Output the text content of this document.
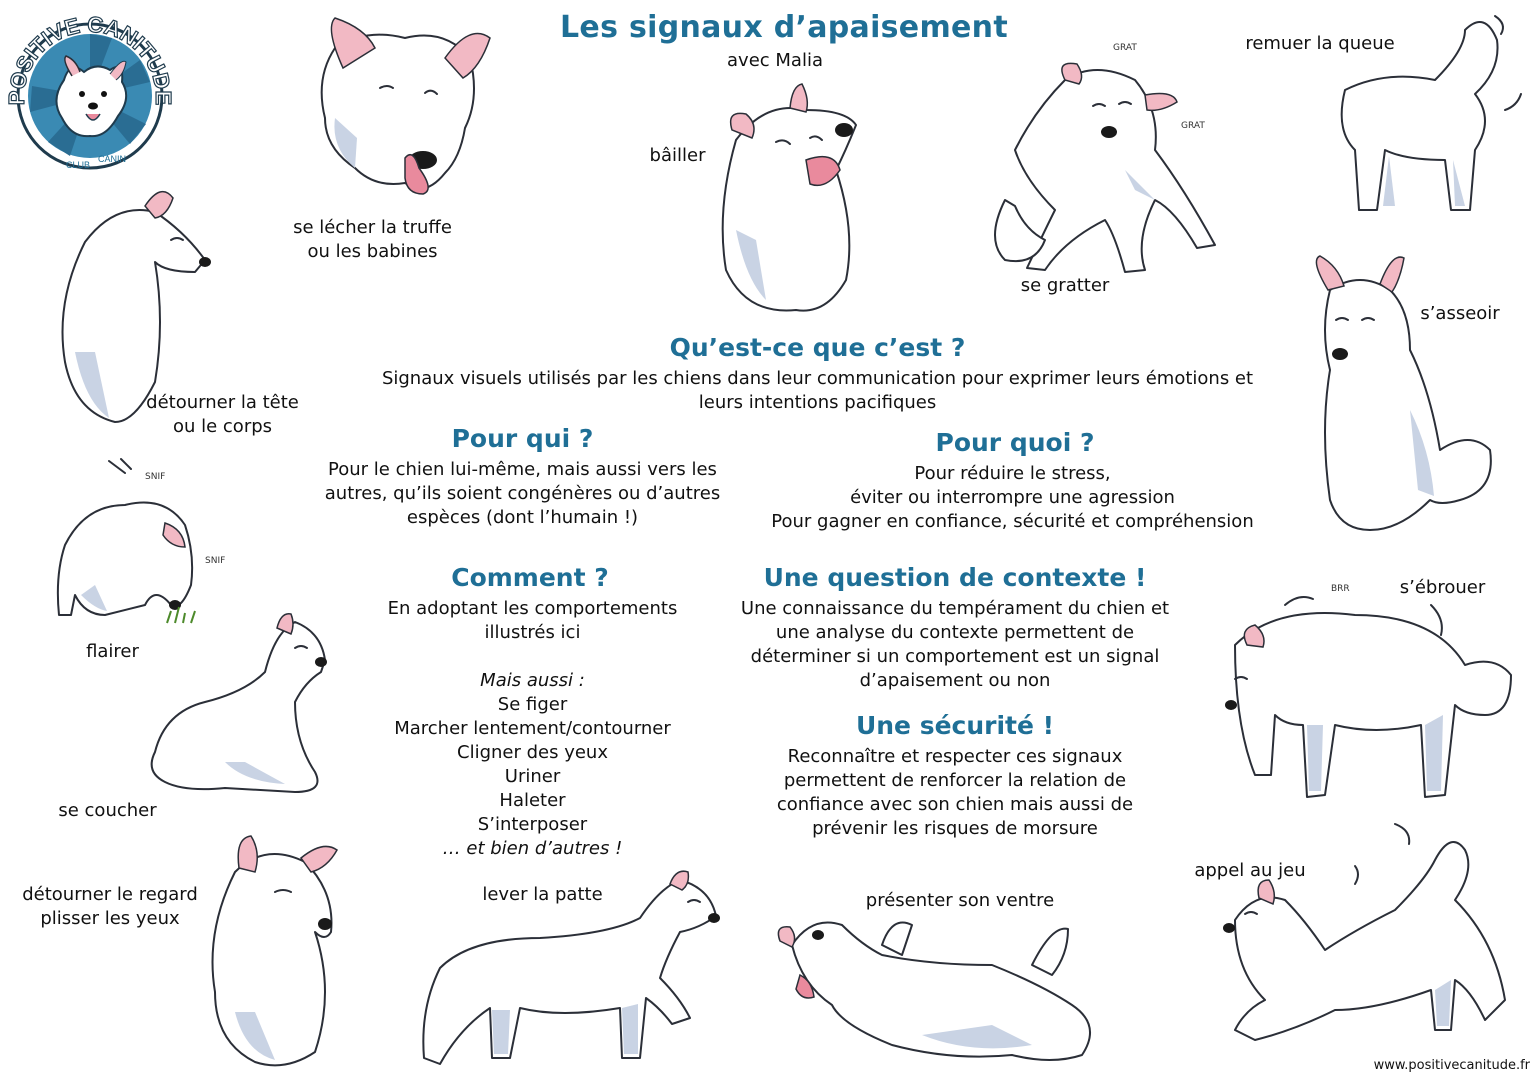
POSITIVE CANITUDE
CLUB
CANIN
Les signaux d’apaisement
avec Malia
se lécher la truffe
ou les babines
bâiller
GRAT
GRAT
se gratter
remuer la queue
détourner la tête
ou le corps
s’asseoir
SNIF
SNIF
flairer
BRR	s’ébrouer
se coucher
détourner le regard
plisser les yeux
lever la patte	présenter son ventre
appel au jeu
Qu’est-ce que c’est ?
Signaux visuels utilisés par les chiens dans leur communication pour exprimer leurs émotions et
leurs intentions pacifiques
Pour qui ?
Pour le chien lui-même, mais aussi vers les
autres, qu’ils soient congénères ou d’autres
espèces (dont l’humain !)
Pour quoi ?
Pour réduire le stress,
éviter ou interrompre une agression
Pour gagner en confiance, sécurité et compréhension
Comment ?
En adoptant les comportements
illustrés ici
Mais aussi :
Se figer
Marcher lentement/contourner
Cligner des yeux
Uriner
Haleter
S’interposer
… et bien d’autres !
Une question de contexte !
Une connaissance du tempérament du chien et
une analyse du contexte permettent de
déterminer si un comportement est un signal
d’apaisement ou non
Une sécurité !
Reconnaître et respecter ces signaux
permettent de renforcer la relation de
confiance avec son chien mais aussi de
prévenir les risques de morsure
www.positivecanitude.fr
